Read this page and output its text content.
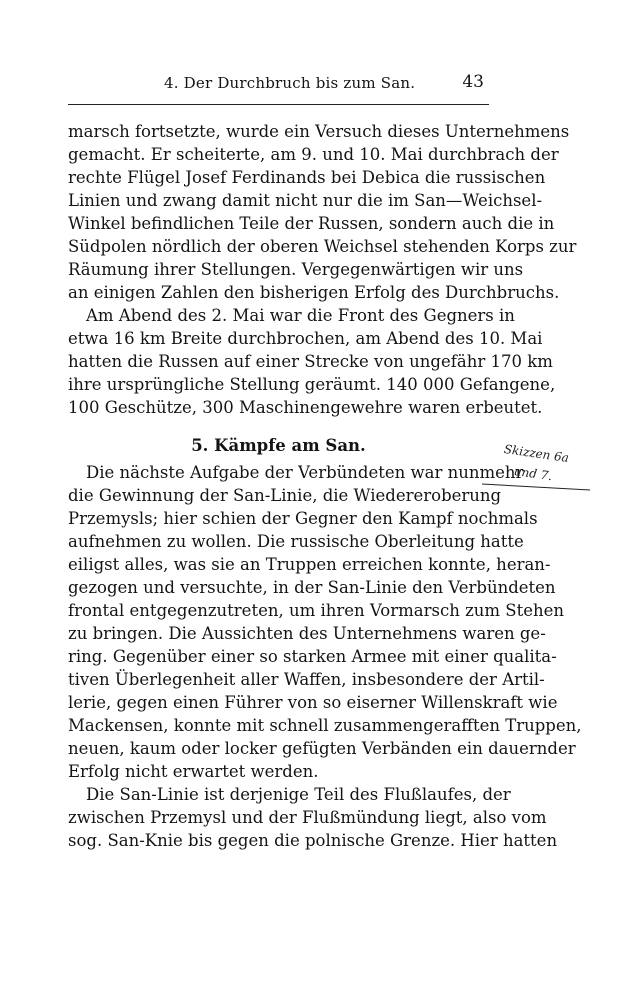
4. Der Durchbruch bis zum San.	43
marsch fortsetzte, wurde ein Versuch dieses Unternehmens
gemacht. Er scheiterte, am 9. und 10. Mai durchbrach der
rechte Flügel Josef Ferdinands bei Debica die russischen
Linien und zwang damit nicht nur die im San—Weichsel-
Winkel befindlichen Teile der Russen, sondern auch die in
Südpolen nördlich der oberen Weichsel stehenden Korps zur
Räumung ihrer Stellungen. Vergegenwärtigen wir uns
an einigen Zahlen den bisherigen Erfolg des Durchbruchs.
Am Abend des 2. Mai war die Front des Gegners in
etwa 16 km Breite durchbrochen, am Abend des 10. Mai
hatten die Russen auf einer Strecke von ungefähr 170 km
ihre ursprüngliche Stellung geräumt. 140 000 Gefangene,
100 Geschütze, 300 Maschinengewehre waren erbeutet.
5. Kämpfe am San.
Die nächste Aufgabe der Verbündeten war nunmehr
die Gewinnung der San-Linie, die Wiedereroberung
Przemysls; hier schien der Gegner den Kampf nochmals
aufnehmen zu wollen. Die russische Oberleitung hatte
eiligst alles, was sie an Truppen erreichen konnte, heran-
gezogen und versuchte, in der San-Linie den Verbündeten
frontal entgegenzutreten, um ihren Vormarsch zum Stehen
zu bringen. Die Aussichten des Unternehmens waren ge-
ring. Gegenüber einer so starken Armee mit einer qualita-
tiven Überlegenheit aller Waffen, insbesondere der Artil-
lerie, gegen einen Führer von so eiserner Willenskraft wie
Mackensen, konnte mit schnell zusammengerafften Truppen,
neuen, kaum oder locker gefügten Verbänden ein dauernder
Erfolg nicht erwartet werden.
Die San-Linie ist derjenige Teil des Flußlaufes, der
zwischen Przemysl und der Flußmündung liegt, also vom
sog. San-Knie bis gegen die polnische Grenze. Hier hatten
Skizzen 6a
und 7.
